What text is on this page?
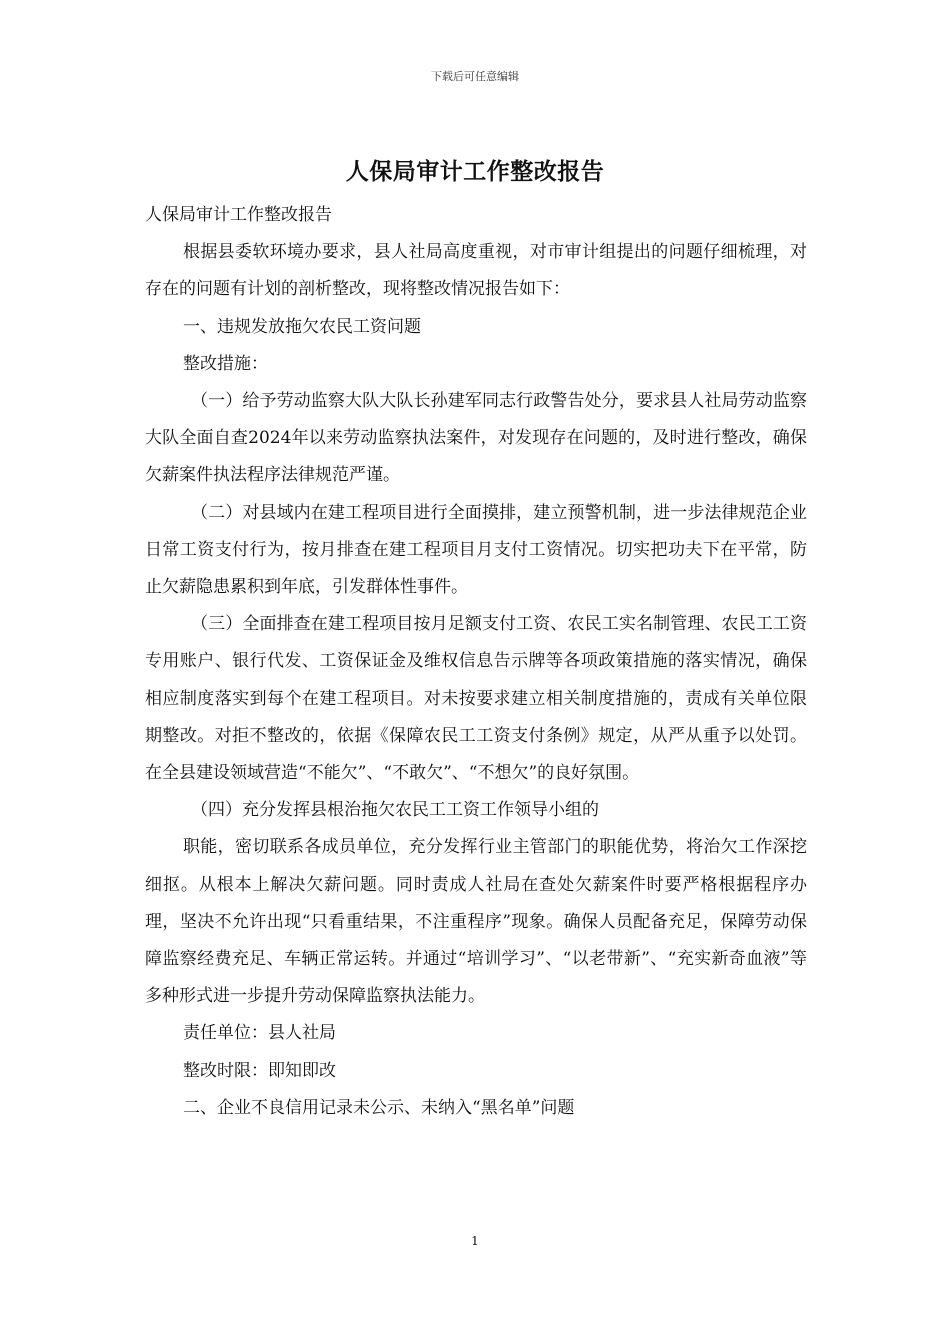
下载后可任意编辑
人保局审计工作整改报告

人保局审计工作整改报告

根据县委软环境办要求，县人社局高度重视，对市审计组提出的问题仔细梳理，对存在的问题有计划的剖析整改，现将整改情况报告如下：

一、违规发放拖欠农民工资问题

整改措施：

（一）给予劳动监察大队大队长孙建军同志行政警告处分，要求县人社局劳动监察大队全面自查2024年以来劳动监察执法案件，对发现存在问题的，及时进行整改，确保欠薪案件执法程序法律规范严谨。

（二）对县域内在建工程项目进行全面摸排，建立预警机制，进一步法律规范企业日常工资支付行为，按月排查在建工程项目月支付工资情况。切实把功夫下在平常，防止欠薪隐患累积到年底，引发群体性事件。

（三）全面排查在建工程项目按月足额支付工资、农民工实名制管理、农民工工资专用账户、银行代发、工资保证金及维权信息告示牌等各项政策措施的落实情况，确保相应制度落实到每个在建工程项目。对未按要求建立相关制度措施的，责成有关单位限期整改。对拒不整改的，依据《保障农民工工资支付条例》规定，从严从重予以处罚。在全县建设领域营造“不能欠”、“不敢欠”、“不想欠”的良好氛围。

（四）充分发挥县根治拖欠农民工工资工作领导小组的

职能，密切联系各成员单位，充分发挥行业主管部门的职能优势，将治欠工作深挖细抠。从根本上解决欠薪问题。同时责成人社局在查处欠薪案件时要严格根据程序办理，坚决不允许出现“只看重结果，不注重程序”现象。确保人员配备充足，保障劳动保障监察经费充足、车辆正常运转。并通过“培训学习”、“以老带新”、“充实新奇血液”等多种形式进一步提升劳动保障监察执法能力。

责任单位：县人社局

整改时限：即知即改

二、企业不良信用记录未公示、未纳入“黑名单”问题

1
